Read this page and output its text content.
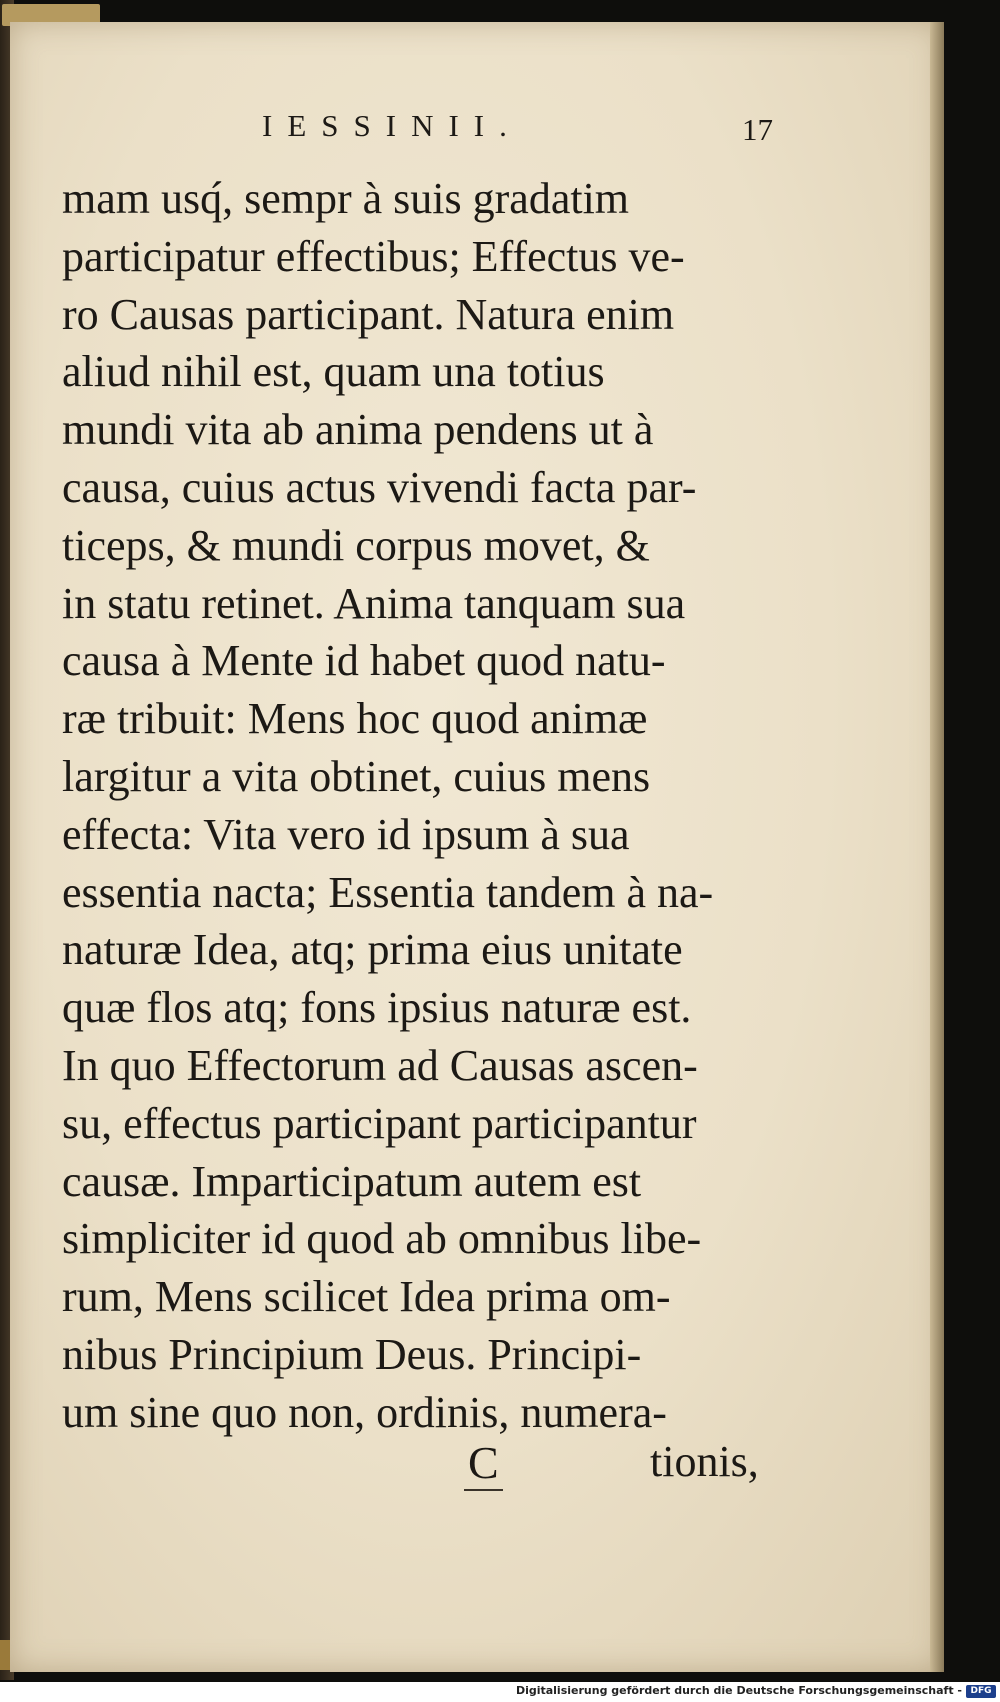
IESSINII.	17
mam usq́, sempr à suis gradatim
participatur effectibus; Effectus ve-
ro Causas participant. Natura enim
aliud nihil est, quam una totius
mundi vita ab anima pendens ut à
causa, cuius actus vivendi facta par-
ticeps, & mundi corpus movet, &
in statu retinet. Anima tanquam sua
causa à Mente id habet quod natu-
ræ tribuit: Mens hoc quod animæ
largitur a vita obtinet, cuius mens
effecta: Vita vero id ipsum à sua
essentia nacta; Essentia tandem à na-
naturæ Idea, atq; prima eius unitate
quæ flos atq; fons ipsius naturæ est.
In quo Effectorum ad Causas ascen-
su, effectus participant participantur
causæ. Imparticipatum autem est
simpliciter id quod ab omnibus libe-
rum, Mens scilicet Idea prima om-
nibus Principium Deus. Principi-
um sine quo non, ordinis, numera-
C	tionis,
Digitalisierung gefördert durch die Deutsche Forschungsgemeinschaft - DFG
